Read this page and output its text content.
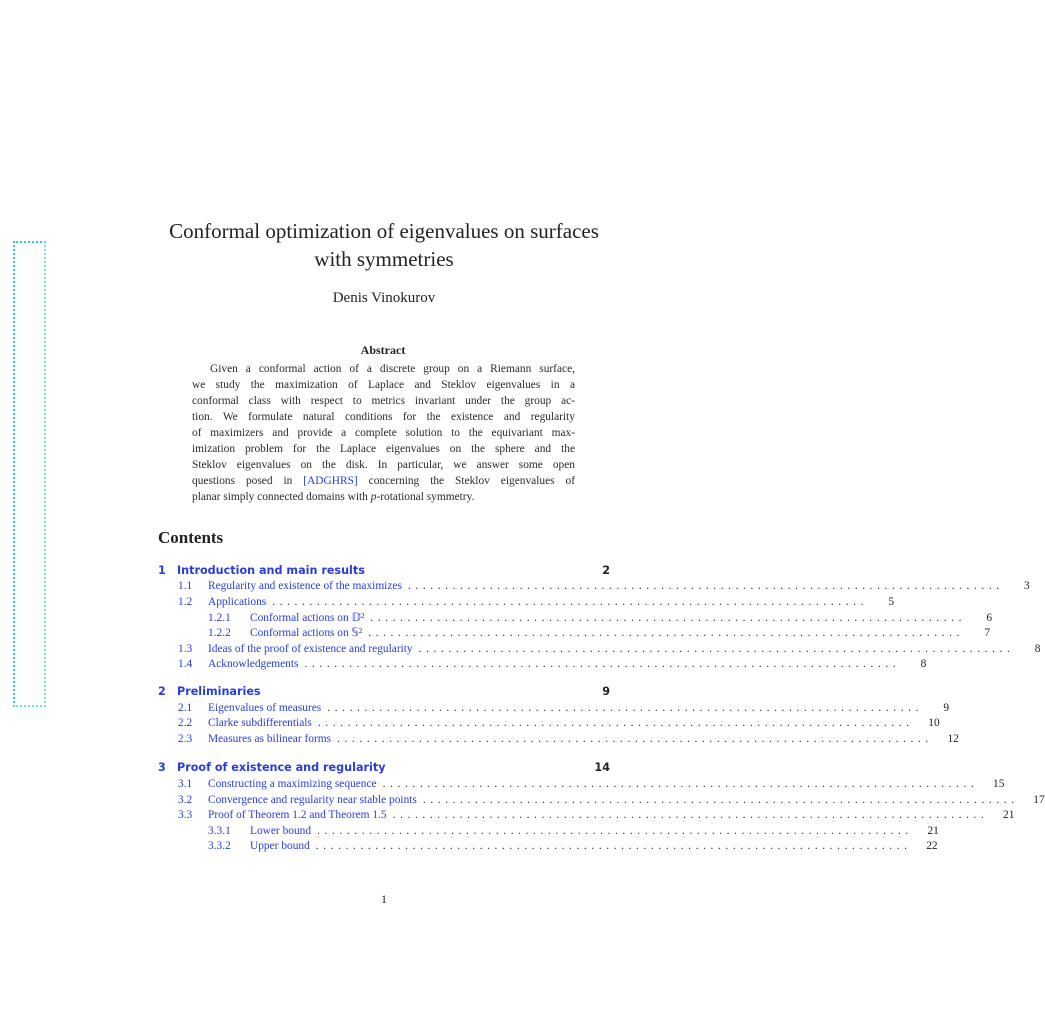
Conformal optimization of eigenvalues on surfaces
with symmetries
Denis Vinokurov
Abstract
Given a conformal action of a discrete group on a Riemann surface,
we study the maximization of Laplace and Steklov eigenvalues in a
conformal class with respect to metrics invariant under the group ac-
tion. We formulate natural conditions for the existence and regularity
of maximizers and provide a complete solution to the equivariant max-
imization problem for the Laplace eigenvalues on the sphere and the
Steklov eigenvalues on the disk. In particular, we answer some open
questions posed in [ADGHRS] concerning the Steklov eigenvalues of
planar simply connected domains with p-rotational symmetry.
Contents
1	Introduction and main results	2
1.1	Regularity and existence of the maximizes ................................................................................	3
1.2	Applications ................................................................................	5
1.2.1	Conformal actions on 𝔻² ................................................................................	6
1.2.2	Conformal actions on 𝕊² ................................................................................	7
1.3	Ideas of the proof of existence and regularity ................................................................................	8
1.4	Acknowledgements ................................................................................	8
2	Preliminaries	9
2.1	Eigenvalues of measures ................................................................................	9
2.2	Clarke subdifferentials ................................................................................	10
2.3	Measures as bilinear forms ................................................................................	12
3	Proof of existence and regularity	14
3.1	Constructing a maximizing sequence ................................................................................	15
3.2	Convergence and regularity near stable points ................................................................................	17
3.3	Proof of Theorem 1.2 and Theorem 1.5 ................................................................................	21
3.3.1	Lower bound ................................................................................	21
3.3.2	Upper bound ................................................................................	22
1
